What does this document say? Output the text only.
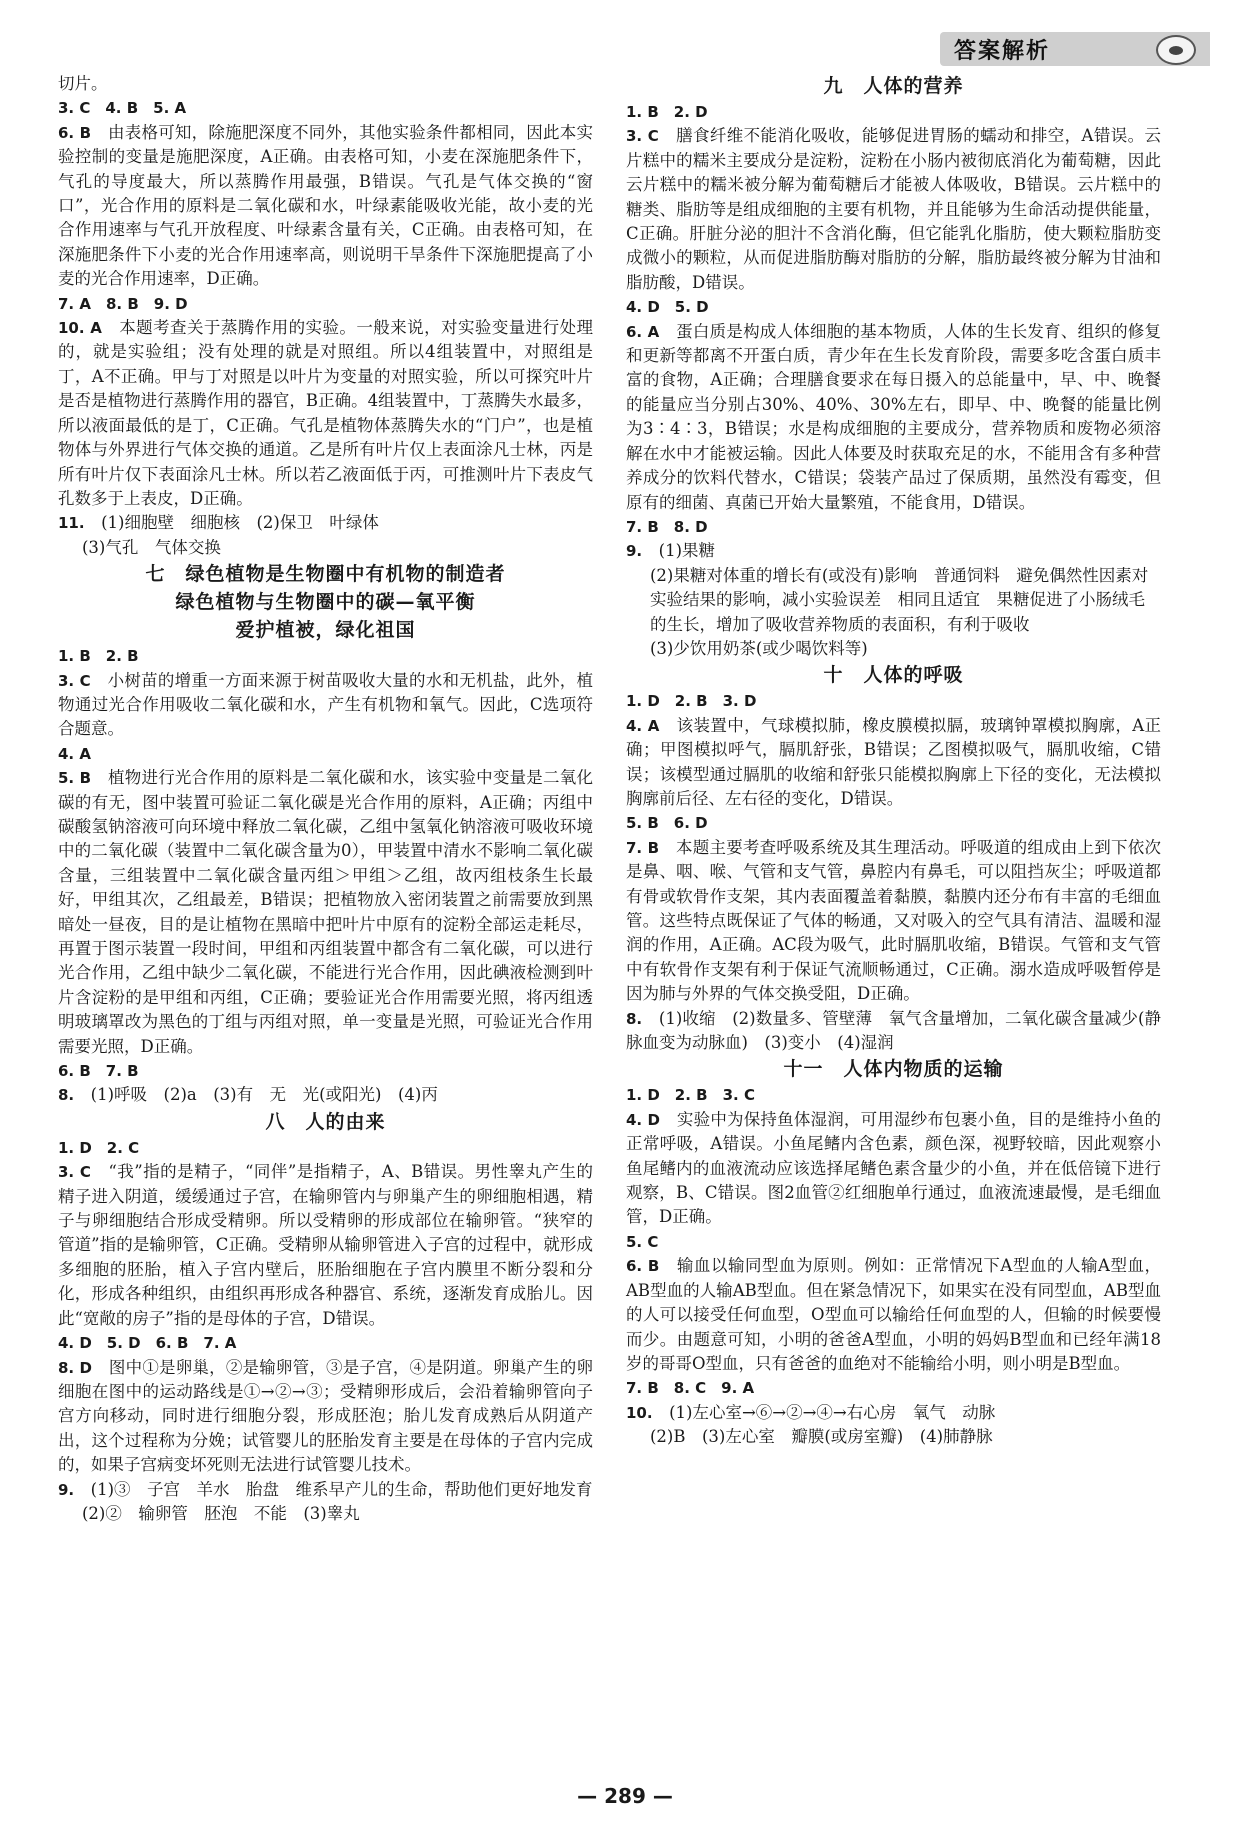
答案解析

切片。

3. C　4. B　5. A

6. B　 由表格可知，除施肥深度不同外，其他实验条件都相同，因此本实验控制的变量是施肥深度，A正确。由表格可知，小麦在深施肥条件下，气孔的导度最大，所以蒸腾作用最强，B错误。气孔是气体交换的“窗口”，光合作用的原料是二氧化碳和水，叶绿素能吸收光能，故小麦的光合作用速率与气孔开放程度、叶绿素含量有关，C正确。由表格可知，在深施肥条件下小麦的光合作用速率高，则说明干旱条件下深施肥提高了小麦的光合作用速率，D正确。

7. A　8. B　9. D

10. A　 本题考查关于蒸腾作用的实验。一般来说，对实验变量进行处理的，就是实验组；没有处理的就是对照组。所以4组装置中，对照组是丁，A不正确。甲与丁对照是以叶片为变量的对照实验，所以可探究叶片是否是植物进行蒸腾作用的器官，B正确。4组装置中，丁蒸腾失水最多，所以液面最低的是丁，C正确。气孔是植物体蒸腾失水的“门户”，也是植物体与外界进行气体交换的通道。乙是所有叶片仅上表面涂凡士林，丙是所有叶片仅下表面涂凡士林。所以若乙液面低于丙，可推测叶片下表皮气孔数多于上表皮，D正确。

11.　 (1)细胞壁　细胞核　(2)保卫　叶绿体

(3)气孔　气体交换

七　绿色植物是生物圈中有机物的制造者

绿色植物与生物圈中的碳—氧平衡

爱护植被，绿化祖国

1. B　2. B

3. C　 小树苗的增重一方面来源于树苗吸收大量的水和无机盐，此外，植物通过光合作用吸收二氧化碳和水，产生有机物和氧气。因此，C选项符合题意。

4. A

5. B　 植物进行光合作用的原料是二氧化碳和水，该实验中变量是二氧化碳的有无，图中装置可验证二氧化碳是光合作用的原料，A正确；丙组中碳酸氢钠溶液可向环境中释放二氧化碳，乙组中氢氧化钠溶液可吸收环境中的二氧化碳（装置中二氧化碳含量为0），甲装置中清水不影响二氧化碳含量，三组装置中二氧化碳含量丙组＞甲组＞乙组，故丙组枝条生长最好，甲组其次，乙组最差，B错误；把植物放入密闭装置之前需要放到黑暗处一昼夜，目的是让植物在黑暗中把叶片中原有的淀粉全部运走耗尽，再置于图示装置一段时间，甲组和丙组装置中都含有二氧化碳，可以进行光合作用，乙组中缺少二氧化碳，不能进行光合作用，因此碘液检测到叶片含淀粉的是甲组和丙组，C正确；要验证光合作用需要光照，将丙组透明玻璃罩改为黑色的丁组与丙组对照，单一变量是光照，可验证光合作用需要光照，D正确。

6. B　7. B

8.　 (1)呼吸　(2)a　(3)有　无　光(或阳光)　(4)丙

八　人的由来

1. D　2. C

3. C　 “我”指的是精子，“同伴”是指精子，A、B错误。男性睾丸产生的精子进入阴道，缓缓通过子宫，在输卵管内与卵巢产生的卵细胞相遇，精子与卵细胞结合形成受精卵。所以受精卵的形成部位在输卵管。“狭窄的管道”指的是输卵管，C正确。受精卵从输卵管进入子宫的过程中，就形成多细胞的胚胎，植入子宫内壁后，胚胎细胞在子宫内膜里不断分裂和分化，形成各种组织，由组织再形成各种器官、系统，逐渐发育成胎儿。因此“宽敞的房子”指的是母体的子宫，D错误。

4. D　5. D　6. B　7. A

8. D　 图中①是卵巢，②是输卵管，③是子宫，④是阴道。卵巢产生的卵细胞在图中的运动路线是①→②→③；受精卵形成后，会沿着输卵管向子宫方向移动，同时进行细胞分裂，形成胚泡；胎儿发育成熟后从阴道产出，这个过程称为分娩；试管婴儿的胚胎发育主要是在母体的子宫内完成的，如果子宫病变坏死则无法进行试管婴儿技术。

9.　 (1)③　子宫　羊水　胎盘　维系早产儿的生命，帮助他们更好地发育

(2)②　输卵管　胚泡　不能　(3)睾丸

九　人体的营养

1. B　2. D

3. C　 膳食纤维不能消化吸收，能够促进胃肠的蠕动和排空，A错误。云片糕中的糯米主要成分是淀粉，淀粉在小肠内被彻底消化为葡萄糖，因此云片糕中的糯米被分解为葡萄糖后才能被人体吸收，B错误。云片糕中的糖类、脂肪等是组成细胞的主要有机物，并且能够为生命活动提供能量，C正确。肝脏分泌的胆汁不含消化酶，但它能乳化脂肪，使大颗粒脂肪变成微小的颗粒，从而促进脂肪酶对脂肪的分解，脂肪最终被分解为甘油和脂肪酸，D错误。

4. D　5. D

6. A　 蛋白质是构成人体细胞的基本物质，人体的生长发育、组织的修复和更新等都离不开蛋白质，青少年在生长发育阶段，需要多吃含蛋白质丰富的食物，A正确；合理膳食要求在每日摄入的总能量中，早、中、晚餐的能量应当分别占30%、40%、30%左右，即早、中、晚餐的能量比例为3∶4∶3，B错误；水是构成细胞的主要成分，营养物质和废物必须溶解在水中才能被运输。因此人体要及时获取充足的水，不能用含有多种营养成分的饮料代替水，C错误；袋装产品过了保质期，虽然没有霉变，但原有的细菌、真菌已开始大量繁殖，不能食用，D错误。

7. B　8. D

9.　 (1)果糖

(2)果糖对体重的增长有(或没有)影响　普通饲料　避免偶然性因素对实验结果的影响，减小实验误差　相同且适宜　果糖促进了小肠绒毛的生长，增加了吸收营养物质的表面积，有利于吸收

(3)少饮用奶茶(或少喝饮料等)

十　人体的呼吸

1. D　2. B　3. D

4. A　 该装置中，气球模拟肺，橡皮膜模拟膈，玻璃钟罩模拟胸廓，A正确；甲图模拟呼气，膈肌舒张，B错误；乙图模拟吸气，膈肌收缩，C错误；该模型通过膈肌的收缩和舒张只能模拟胸廓上下径的变化，无法模拟胸廓前后径、左右径的变化，D错误。

5. B　6. D

7. B　 本题主要考查呼吸系统及其生理活动。呼吸道的组成由上到下依次是鼻、咽、喉、气管和支气管，鼻腔内有鼻毛，可以阻挡灰尘；呼吸道都有骨或软骨作支架，其内表面覆盖着黏膜，黏膜内还分布有丰富的毛细血管。这些特点既保证了气体的畅通，又对吸入的空气具有清洁、温暖和湿润的作用，A正确。AC段为吸气，此时膈肌收缩，B错误。气管和支气管中有软骨作支架有利于保证气流顺畅通过，C正确。溺水造成呼吸暂停是因为肺与外界的气体交换受阻，D正确。

8.　 (1)收缩　(2)数量多、管壁薄　氧气含量增加，二氧化碳含量减少(静脉血变为动脉血)　(3)变小　(4)湿润

十一　人体内物质的运输

1. D　2. B　3. C

4. D　 实验中为保持鱼体湿润，可用湿纱布包裹小鱼，目的是维持小鱼的正常呼吸，A错误。小鱼尾鳍内含色素，颜色深，视野较暗，因此观察小鱼尾鳍内的血液流动应该选择尾鳍色素含量少的小鱼，并在低倍镜下进行观察，B、C错误。图2血管②红细胞单行通过，血液流速最慢，是毛细血管，D正确。

5. C

6. B　 输血以输同型血为原则。例如：正常情况下A型血的人输A型血，AB型血的人输AB型血。但在紧急情况下，如果实在没有同型血，AB型血的人可以接受任何血型，O型血可以输给任何血型的人，但输的时候要慢而少。由题意可知，小明的爸爸A型血，小明的妈妈B型血和已经年满18岁的哥哥O型血，只有爸爸的血绝对不能输给小明，则小明是B型血。

7. B　8. C　9. A

10.　 (1)左心室→⑥→②→④→右心房　氧气　动脉

(2)B　(3)左心室　瓣膜(或房室瓣)　(4)肺静脉

— 289 —
